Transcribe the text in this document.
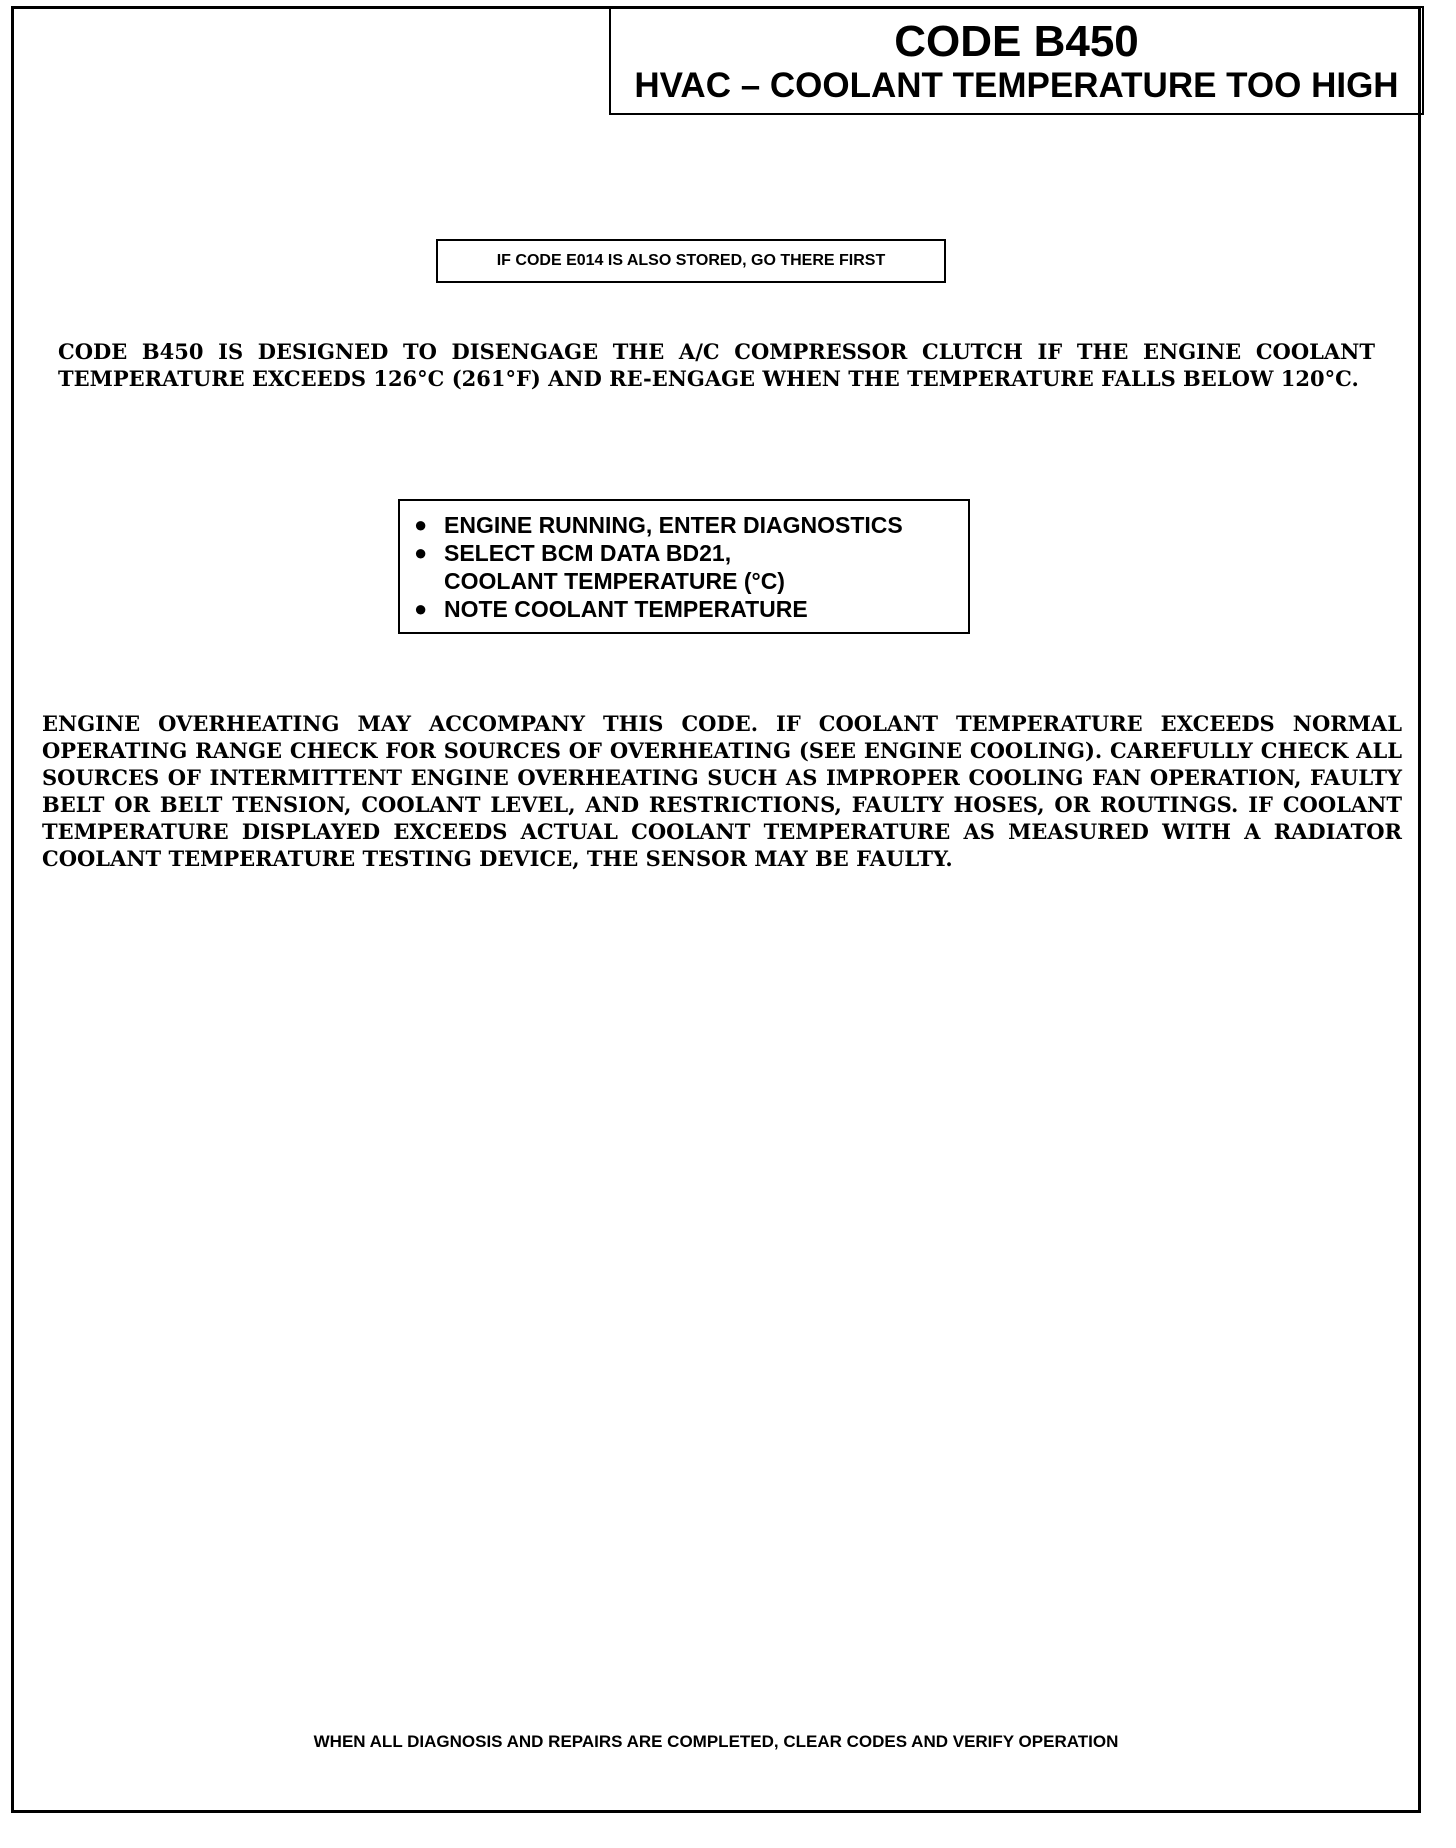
CODE B450
HVAC – COOLANT TEMPERATURE TOO HIGH
IF CODE E014 IS ALSO STORED, GO THERE FIRST

CODE B450 IS DESIGNED TO DISENGAGE THE A/C COMPRESSOR CLUTCH IF THE ENGINE COOLANT TEMPERATURE EXCEEDS 126°C (261°F) AND RE-ENGAGE WHEN THE TEMPERATURE FALLS BELOW 120°C.

● ENGINE RUNNING, ENTER DIAGNOSTICS
● SELECT BCM DATA BD21,
COOLANT TEMPERATURE (°C)
● NOTE COOLANT TEMPERATURE

ENGINE OVERHEATING MAY ACCOMPANY THIS CODE. IF COOLANT TEMPERATURE EXCEEDS NORMAL OPERATING RANGE CHECK FOR SOURCES OF OVERHEATING (SEE ENGINE COOLING). CAREFULLY CHECK ALL SOURCES OF INTERMITTENT ENGINE OVERHEATING SUCH AS IMPROPER COOLING FAN OPERATION, FAULTY BELT OR BELT TENSION, COOLANT LEVEL, AND RESTRICTIONS, FAULTY HOSES, OR ROUTINGS. IF COOLANT TEMPERATURE DISPLAYED EXCEEDS ACTUAL COOLANT TEMPERATURE AS MEASURED WITH A RADIATOR COOLANT TEMPERATURE TESTING DEVICE, THE SENSOR MAY BE FAULTY.

WHEN ALL DIAGNOSIS AND REPAIRS ARE COMPLETED, CLEAR CODES AND VERIFY OPERATION
